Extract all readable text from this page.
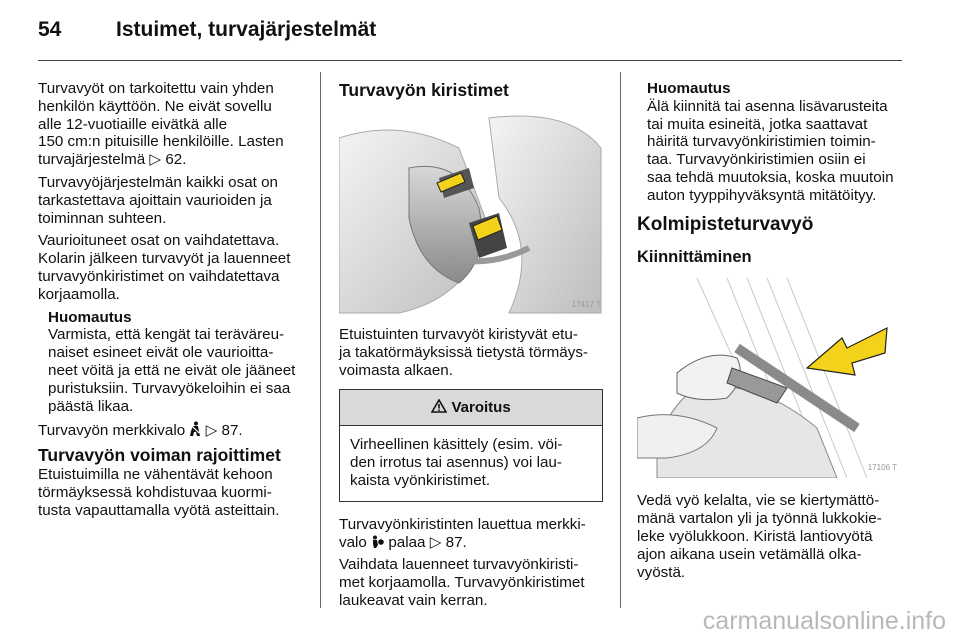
54	Istuimet, turvajärjestelmät

Turvavyöt on tarkoitettu vain yhden
henkilön käyttöön. Ne eivät sovellu
alle 12-vuotiaille eivätkä alle
150 cm:n pituisille henkilöille. Lasten
turvajärjestelmä ▷ 62.

Turvavyöjärjestelmän kaikki osat on
tarkastettava ajoittain vaurioiden ja
toiminnan suhteen.

Vaurioituneet osat on vaihdatettava.
Kolarin jälkeen turvavyöt ja lauenneet
turvavyönkiristimet on vaihdatettava
korjaamolla.

Huomautus
Varmista, että kengät tai teräväreu-
naiset esineet eivät ole vaurioitta-
neet vöitä ja että ne eivät ole jääneet
puristuksiin. Turvavyökeloihin ei saa
päästä likaa.

Turvavyön merkkivalo ▷ 87.

Turvavyön voiman rajoittimet

Etuistuimilla ne vähentävät kehoon
törmäyksessä kohdistuvaa kuormi-
tusta vapauttamalla vyötä asteittain.

Turvavyön kiristimet
17417 T

Etuistuinten turvavyöt kiristyvät etu-
ja takatörmäyksissä tietystä törmäys-
voimasta alkaen.

Varoitus
Virheellinen käsittely (esim. vöi-
den irrotus tai asennus) voi lau-
kaista vyönkiristimet.

Turvavyönkiristinten lauettua merkki-
valo palaa ▷ 87.

Vaihdata lauenneet turvavyönkiristi-
met korjaamolla. Turvavyönkiristimet
laukeavat vain kerran.

Huomautus
Älä kiinnitä tai asenna lisävarusteita
tai muita esineitä, jotka saattavat
häiritä turvavyönkiristimien toimin-
taa. Turvavyönkiristimien osiin ei
saa tehdä muutoksia, koska muutoin
auton tyyppihyväksyntä mitätöityy.
Kolmipisteturvavyö
Kiinnittäminen
17106 T

Vedä vyö kelalta, vie se kiertymättö-
mänä vartalon yli ja työnnä lukkokie-
leke vyölukkoon. Kiristä lantiovyötä
ajon aikana usein vetämällä olka-
vyöstä.

carmanualsonline.info
